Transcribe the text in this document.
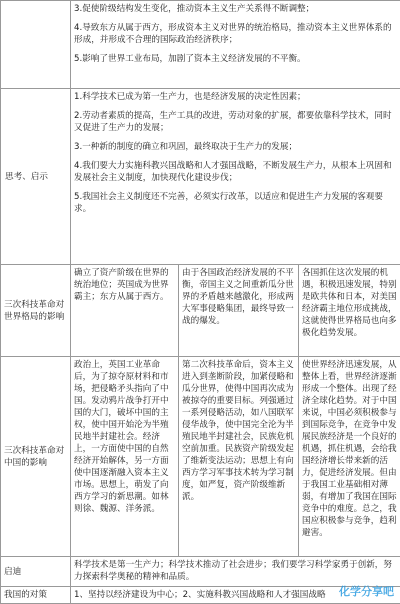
	3.促使阶级结构发生变化，推动资本主义生产关系得不断调整；
4.导致东方从属于西方，形成资本主义对世界的统治格局，推动资本主义世界体系的形成，并形成不合理的国际政治经济秩序；
5.影响了世界工业布局，加剧了资本主义经济发展的不平衡。		

思考、启示	1.科学技术已成为第一生产力，也是经济发展的决定性因素；
2.劳动者素质的提高，生产工具的改进，劳动对象的扩展，都要依靠科学技术，同时又促进了生产力的发展；
3.一种新的制度的确立和巩固，最终取决于生产力的发展；
4.我们要大力实施科教兴国战略和人才强国战略，不断发展生产力，从根本上巩固和发展社会主义制度，加快现代化建设步伐；
5.我国社会主义制度还不完善，必须实行改革，以适应和促进生产力发展的客观要求。		

三次科技革命对世界格局的影响	确立了资产阶级在世界的统治地位；英国成为世界霸主；东方从属于西方。	由于各国政治经济发展的不平衡，帝国主义之间重新瓜分世界的矛盾越来越激化，形成两大军事侵略集团，最终导致一战的爆发。	各国抓住这次发展的机遇，积极迅速发展，特别是欧共体和日本，对美国经济霸主地位形成挑战，这就使得世界格局也向多极化趋势发展。
三次科技革命对中国的影响	政治上，英国工业革命后，为了掠夺原材料和市场，把侵略矛头指向了中国。发动鸦片战争打开中国的大门，破坏中国的主权，使中国开始沦为半殖民地半封建社会。经济上，一方面使中国的自然经济开始解体，另一方面使中国逐渐融入资本主义市场。思想上，萌发了向西方学习的新思潮。如林则徐、魏源、洋务派。	第二次科技革命后，资本主义进入到垄断阶段，加紧侵略和瓜分世界，使得中国再次成为被掠夺的重要目标。列强通过一系列侵略活动，如八国联军侵华战争，使中国完全沦为半殖民地半封建社会，民族危机空前加重。民族资产阶级发起了维新变法运动；思想上有向西方学习军事技术转为学习制度，如严复，资产阶级维新派。	使世界经济迅速发展，从整体上看，世界经济逐渐形成一个整体。出现了经济全球化趋势。对于中国来说，中国必须积极参与到国际竞争，在竞争中发展民族经济是一个良好的机遇，抓住机遇，会给我国经济增长带来新的活力，促进经济发展。但由于我国工业基础相对薄弱，有增加了我国在国际竞争中的难度。总之，我国应积极参与竞争，趋利避害。
启迪	科学技术是第一生产力；科学技术推动了社会进步；我们要学习科学家勇于创新，努力探索科学奥秘的精神和品质。		
我国的对策	1、坚持以经济建设为中心；2、实施科教兴国战略和人才强国战略		化学分享吧
